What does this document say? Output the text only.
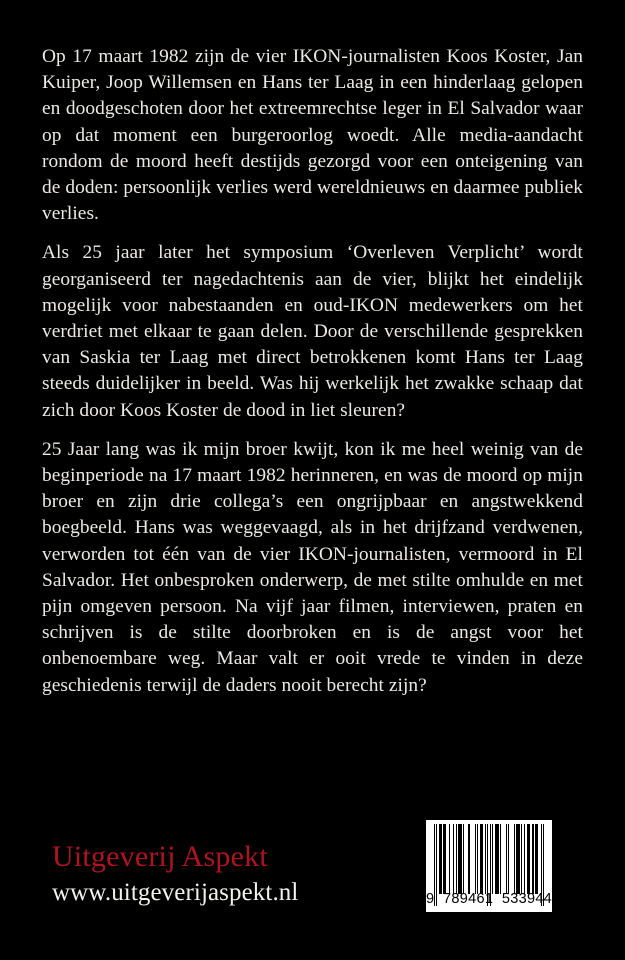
Op 17 maart 1982 zijn de vier IKON-journalisten Koos Koster, Jan Kuiper, Joop Willemsen en Hans ter Laag in een hinderlaag gelopen en doodgeschoten door het extreemrechtse leger in El Salvador waar op dat moment een burgeroorlog woedt. Alle media-aandacht rondom de moord heeft destijds gezorgd voor een onteigening van de doden: persoonlijk verlies werd wereldnieuws en daarmee publiek verlies.

Als 25 jaar later het symposium ‘Overleven Verplicht’ wordt georganiseerd ter nagedachtenis aan de vier, blijkt het eindelijk mogelijk voor nabestaanden en oud-IKON medewerkers om het verdriet met elkaar te gaan delen. Door de verschillende gesprekken van Saskia ter Laag met direct betrokkenen komt Hans ter Laag steeds duidelijker in beeld. Was hij werkelijk het zwakke schaap dat zich door Koos Koster de dood in liet sleuren?

25 Jaar lang was ik mijn broer kwijt, kon ik me heel weinig van de beginperiode na 17 maart 1982 herinneren, en was de moord op mijn broer en zijn drie collega’s een ongrijpbaar en angstwekkend boegbeeld. Hans was weggevaagd, als in het drijfzand verdwenen, verworden tot één van de vier IKON-journalisten, vermoord in El Salvador. Het onbesproken onderwerp, de met stilte omhulde en met pijn omgeven persoon. Na vijf jaar filmen, interviewen, praten en schrijven is de stilte doorbroken en is de angst voor het onbenoembare weg. Maar valt er ooit vrede te vinden in deze geschiedenis terwijl de daders nooit berecht zijn?

Uitgeverij Aspekt
www.uitgeverijaspekt.nl	9  789461  533944
